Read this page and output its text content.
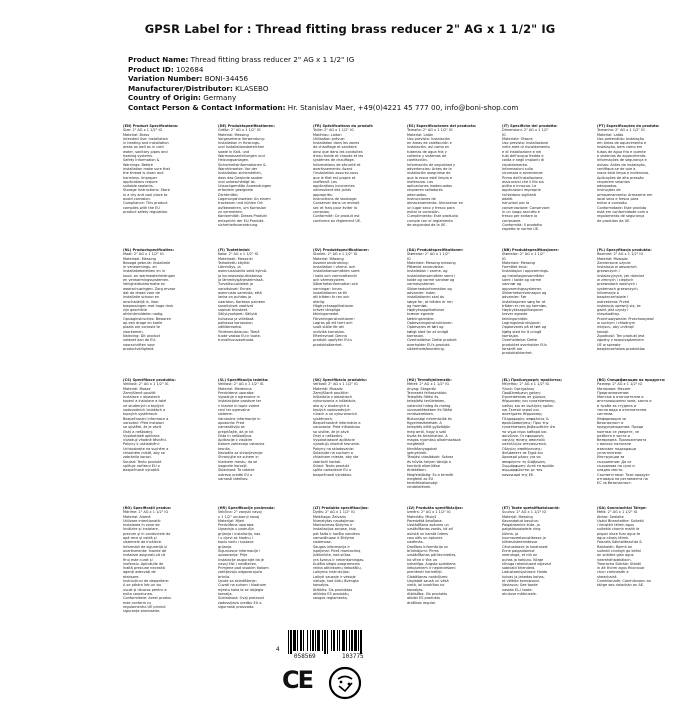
GPSR Label for : Thread fitting brass reducer 2" AG x 1 1/2" IG
Product Name: Thread fitting brass reducer 2" AG x 1 1/2" IG
Product ID: 102684
Variation Number: BONI-34456
Manufacturer/Distributor: KLASEBO
Country of Origin: Germany
Contact Person & Contact Information: Hr. Stanislav Maer, +49(0)4221 45 777 00, info@boni-shop.com
(EN) Product Specifications:
Size: 2" AG x 1 1/2" IG
Material: Brass
Intended Use: Installation
in heating and installation
areas as well as in cold
water, sanitary pipes and
heating systems.
Safety Information &
Warnings: Before
installation make sure that
the thread is clean and
harmless. Improper
applications require
suitable sealants.
Storage Instructions: Store
in a dry and cool place to
avoid corrosion.
Compliance: This product
complies with the EU
product safety regulation.
(DE) Produktspezifikationen:
Größe: 2" AG x 1 1/2" IG
Material: Messing
Vorgesehene Verwendung:
Installation in Heizungs-
und Installationsbereichen
sowie in Kalt- und
Warmwasserleitungen und
Heizungsanlagen.
Sicherheitsinformationen &
Warnhinweise: Vor der
Installation sicherstellen,
dass das Gewinde sauber
und unbeschädigt ist.
Unsachgemäße Anwendungen
erfordern geeignete
Dichtmittel.
Lagerungshinweise: An einem
trockenen und kühlen Ort
aufbewahren, um Korrosion
zu vermeiden.
Konformität: Dieses Produkt
entspricht der EU-Produkt-
sicherheitsverordnung.
(FR) Spécifications du produit:
Taille: 2" AG x 1 1/2" IG
Matériau: Laiton
Utilisation prévue:
Installation dans les zones
de chauffage et sanitaire
ainsi que dans les conduites
d'eau froide et chaude et les
systèmes de chauffage.
Informations de sécurité et
avertissements: Avant
l'installation assurez-vous
que le filet est propre et
inoffensif. Les
applications incorrectes
nécessitent des joints
appropriés.
Instructions de stockage:
Conserver dans un endroit
sec et frais pour éviter la
corrosion.
Conformité: Ce produit est
conforme au règlement UE.
(ES) Especificaciones del producto:
Tamaño: 2" AG x 1 1/2" IG
Material: Latón
Uso previsto: Instalación
en áreas de calefacción e
instalación, así como en
tuberías de agua fría y
caliente y sistemas de
calefacción.
Información de seguridad y
advertencias: Antes de la
instalación asegúrese de
que la rosca esté limpia e
inofensiva. Las
aplicaciones inadecuadas
requieren selladores
adecuados.
Instrucciones de
almacenamiento: Almacenar en
un lugar seco y fresco para
evitar la corrosión.
Cumplimiento: Este producto
cumple con el reglamento
de seguridad de la UE.
(IT) Specifiche del prodotto:
Dimensioni: 2" AG x 1 1/2"
IG
Materiale: Ottone
Uso previsto: Installazione
nelle aree di riscaldamento
e di installazione e nei
tubi dell'acqua fredda e
calda e negli impianti di
riscaldamento.
Informazioni sulla
sicurezza e avvertenze:
Prima dell'installazione,
assicurarsi che il filo sia
pulito e innocuo. Le
applicazioni improprie
richiedono sigillanti
adatti.
Istruzioni per la
conservazione: Conservare
in un luogo asciutto e
fresco per evitare la
corrosione.
Conformità: Il prodotto
rispetta le norme UE.
(PT) Especificações do produto:
Tamanho: 2" AG x 1 1/2" IG
Material: Latão
Uso pretendido: Instalação
em áreas de aquecimento e
instalação, bem como em
tubos de água fria e quente
e sistemas de aquecimento.
Informações de segurança e
avisos: Antes da instalação,
certifique-se de que a
rosca está limpa e inofensiva.
Aplicações de alta pressão
requerem selantes
adequados.
Instruções de
armazenamento: Armazene em
local seco e fresco para
evitar a corrosão.
Conformidade: Este produto
está em conformidade com o
regulamento de segurança
de produtos da UE.
(NL) Productspecificaties:
Maat: 2" AG x 1 1/2" IG
Materiaal: Messing
Beoogd gebruik: Installatie
in verwarmings- en
installatiebereiken en in
koud- en warmwaterleidingen
en verwarmingssystemen.
Veiligheidsinformatie en
waarschuwingen: Zorg ervoor
dat de draad voor de
installatie schoon en
onschadelijk is. Voor
toepassingen met hoge druk
zijn geschikte
afdichtmiddelen nodig.
Opslaginstructies: Bewaren
op een droge en koele
plaats om corrosie te
voorkomen.
Naleving: Dit product
voldoet aan de EU-
voorschriften voor
productveiligheid.
(FI) Tuotetiedot:
Koko: 2" AG x 1 1/2" IG
Materiaali: Messinki
Tarkoitettu käyttö:
Lämmitys- ja
asennusalueilla sekä kylmä-
ja kuumavesiputkistoissa
ja lämmitysjärjestelmissä.
Turvallisuustiedot ja
varoitukset: Ennen
asennusta varmista, että
lanka on puhdas ja
vaaraton. Korkean paineen
sovellukset vaativat
sopivat tiivisteet.
Säilytysohjeet: Säilytä
kuivassa ja viileässä
paikassa korroosion
välttämiseksi.
Yhdenmukaisuus: Tämä
tuote vastaa EU:n tuote-
turvallisuusasetusta.
(SV) Produktspecifikationer:
Storlek: 2" AG x 1 1/2" IG
Material: Mässing
Avsedd användning:
Installation i värme- och
installationsområden samt
i kalla och varmvattenrör
och värmesystem.
Säkerhetsinformation och
varningar: Innan
installationen se till
att tråden är ren och
ofarlig.
Högtrycksapplikationer
kräver lämpliga
tätningsmedel.
Förvaringsinstruktioner:
Lagras på ett torrt och
svalt ställe för att
undvika korrosion.
Efterlevnad: Denna
produkt uppfyller EU:s
produktsäkerhet.
(DA) Produktspecifikationer:
Størrelse: 2" AG x 1 1/2"
IG
Materiale: Messing messing
Påtænkt anvendelse:
Installation i varme- og
installationsområder samt i
kolde og varme vandrør og
varmesystemer.
Sikkerhedsinformation og
advarsler: Inden
installationen skal du
sørge for, at tråden er ren
og harmløs.
Højtryksapplikationer
kræver egnede
tætningsmidler.
Opbevaringsinstruktioner:
Opbevares et tørt og
køligt sted for at undgå
korrosion.
Overholdelse: Dette produkt
overholder EU's produkt-
sikkerhedsforordning.
(NB) Produktspesifikasjoner:
Størrelse: 2" AG x 1 1/2"
IG
Materiale: Messing
Formålet bruk:
Installasjon i oppvarmings-
og installasjonsområder
samt i kalde og varme
vannrør og
oppvarmingssystemer.
Sikkerhetsinformasjon og
advarsler: Før
installasjonen sørg for at
tråden er ren og harmløs.
Høytrykksapplikasjoner
krever egnede
tetningsmidler.
Lagringsinstruksjoner:
Oppbevares på et tørt og
kjølig sted for å unngå
korrosjon.
Overholdelse: Dette
produktet overholder EUs
forskrift om
produktsikkerhet.
(PL) Specyfikacja produktu:
Rozmiar: 2" AG x 1 1/2" IG
Materiał: Mosiądz
Zamierzone użycie:
Instalacja w obszarach
grzewczych i
instalacyjnych, jak również
w zimnych i ciepłych
przewodach wodnych i
systemach grzewczych.
Informacje o
bezpieczeństwie i
ostrzeżenia: Przed
instalacją upewnij się, że
gwint jest czysty i
nieszkodliwy.
Przechowywanie: Przechowywać
w suchym i chłodnym
miejscu, aby uniknąć
korozji.
Zgodność: Ten produkt jest
zgodny z rozporządzeniem
UE w sprawie
bezpieczeństwa produktów.
(CS) Specifikace produktu:
Velikost: 2" AG x 1 1/2" IG
Materiál: Mosaz
Zamýšlené použití:
Instalace v oblastech
topení a instalace a také
ve studených a teplých
vodovodních trubkách a
topných systémech.
Bezpečnostní informace a
varování: Před instalací
se ujistěte, že je závit
čistý a neškodný.
Vysokotlaké aplikace
vyžadují vhodné těsnění.
Pokyny k uskladnění:
Uchovávejte na suchém a
chladném místě, aby se
zabránilo korozi.
Soulad: Tento produkt
splňuje nařízení EU o
bezpečnosti výrobků.
(SL) Specifikacija izdelka:
Velikost: 2" AG x 1 1/2" IG
Material: Medenina
Predvidena uporaba:
Vgradnja v ogrevalne in
instalacijske prostore ter
v hladne in tople vodne
cevi ter ogrevalne
sisteme.
Varnostne informacije in
opozorila: Pred
namestitvijo se
prepričajte, da je nit
čista in neškodljiva.
Aplikacije z visokim
tlakom zahtevajo ustrezna
tesnila.
Navodila za shranjevanje:
Shranjujte na suhem in
hladnem mestu, da se
izognete koroziji.
Skladnost: Ta izdelek
ustreza uredbi EU o
varnosti izdelkov.
(SK) Špecifikácia produktu:
Veľkosť: 2" AG x 1 1/2" IG
Materiál: Mosadz
Zamýšľané použitie:
Inštalácia v oblastiach
vykurovania a inštalácie,
ako aj v studených a
teplých vodovodných
rúrach a vo vykurovacích
systémoch.
Bezpečnostné informácie a
varovania: Pred inštaláciou
sa uistite, že je závit
čistý a neškodný.
Vysokotlakové aplikácie
vyžadujú vhodné tesnenie.
Pokyny na skladovanie:
Skladujte na suchom a
chladnom mieste, aby ste
zabránili korózii.
Súlad: Tento produkt
spĺňa nariadenie EU o
bezpečnosti výrobkov.
(HU) Termékjellemzők:
Méret: 2" AG x 1 1/2" IG
Anyag: Sárgaréz
Tervezett felhasználás:
Telepítés fűtési és
telepítési területeken,
valamint hideg és meleg
vízvezetékekben és fűtési
rendszerekben.
Biztonsági információk és
figyelmeztetések: A
telepítés előtt győződjön
meg arról, hogy a szál
tiszta és ártalmatlan. A
magas nyomású alkalmazások
megfelelő
tömítőanyagokat
igényelnek.
Tárolási utasítások: Száraz
és hűvös helyen tárolja a
korrózió elkerülése
érdekében.
Megfelelőség: Ez a termék
megfelel az EU
termékbiztonsági
rendeletének.
(EL) Προδιαγραφές προϊόντος:
Μέγεθος: 2" AG x 1 1/2" IG
Υλικό: Ορείχαλκος
Προβλεπόμενη χρήση:
Εγκατάσταση σε χώρους
θέρμανσης και εγκατάστασης,
καθώς και σε σωλήνες κρύου
και ζεστού νερού και
συστήματα θέρμανσης.
Πληροφορίες ασφαλείας &
προειδοποιήσεις: Πριν την
εγκατάσταση βεβαιωθείτε ότι
το νήμα είναι καθαρό και
ακίνδυνο. Οι εφαρμογές
υψηλής πίεσης απαιτούν
κατάλληλα στεγανωτικά.
Οδηγίες αποθήκευσης:
Φυλάσσετε σε ξηρό και
δροσερό μέρος για να
αποφύγετε τη διάβρωση.
Συμμόρφωση: Αυτό το προϊόν
συμμορφώνεται με τον
κανονισμό της ΕΕ.
(BG) Спецификации на продукта:
Размер: 2" AG x 1 1/2" IG
Материал: Месинг
Предназначение:
Монтаж в отоплителни и
инсталационни зони, както и
в тръби за студена и
топла вода и отоплителни
системи.
Информация за
безопасност и
предупреждения: Преди
монтаж се уверете, че
резбата е чиста и
безвредна. Приложенията
с високо налягане
изискват подходящи
уплътнители.
Инструкции за
съхранение: Да се
съхранява на сухо и
хладно място.
Съответствие: Този продукт
отговаря на регламента на
ЕС за безопасност.
(RO) Specificații produs:
Mărime: 2" AG x 1 1/2" IG
Material: Alamă
Utilizare intenționată:
Instalarea în zone de
încălzire și instalare,
precum și în conductele de
apă rece și caldă și
sistemele de încălzire.
Informații de siguranță și
avertismente: Înainte de
instalare asigurați-vă că
firul este curat și
inofensiv. Aplicațiile de
înaltă presiune necesită
agenți adecvați de
etanșare.
Instrucțiuni de depozitare:
A se păstra într-un loc
uscat și răcoros pentru a
evita coroziunea.
Conformitate: Acest produs
este conform cu
regulamentul UE privind
siguranța produselor.
(HR) Specifikacije proizvoda:
Veličina: 2" vanjski navoj
x 1 1/2" unutarnji navoj
Materijal: Mjed
Predviđena uporaba:
Ugradnja u područja
grijanja i instalacija, kao
i u cijevi za hladnu i
toplu vodu i sustave
grijanja.
Sigurnosne informacije i
upozorenja: Prije
instalacije osigurajte da je
navoj čist i neoštećen.
Primjene pod visokim tlakom
zahtijevaju odgovarajuća
brtvila.
Upute za skladištenje:
Čuvati na suhom i hladnom
mjestu kako bi se izbjegla
korozija.
Sukladnost: Ovaj proizvod
zadovoljava uredbu EU o
sigurnosti proizvoda.
(LT) Produkto specifikacijos:
Dydis: 2" AG x 1 1/2" IG
Medžiaga: Žalvaris
Numatytas naudojimas:
Montavimas šildymo ir
instaliacijos zonose, taip
pat šalto ir karšto vandens
vamzdžiuose ir šildymo
sistemose.
Saugos informacija ir
įspėjimai: Prieš montavimą
įsitikinkite, kad siūlas
yra švarus ir nekenksmingas.
Aukšto slėgio programoms
reikia atitinkamų riebokšlių.
Laikymo instrukcijos:
Laikyti sausoje ir vėsioje
vietoje, kad būtų išvengta
korozijos.
Atitiktis: Šis produktas
atitinka ES produktų
saugos reglamentą.
(LV) Produkta specifikācijas:
Izmērs: 2" AG x 1 1/2" IG
Materiāls: Misiņš
Paredzētā lietošana:
Uzstādīšana apkures un
uzstādīšanas zonās, kā arī
aukstā un karstā ūdens
caurulēs un apkures
sistēmās.
Drošības informācija un
brīdinājumi: Pirms
uzstādīšanas pārliecinieties,
ka vītne ir tīra un
nekaitīga. Augsta spiediena
lietojumiem ir nepieciešami
piemēroti hermētiķi.
Glabāšanas norādījumi:
Uzglabāt sausā un vēsā
vietā, lai izvairītos no
korozijas.
Atbilstība: Šis produkts
atbilst ES produktu
drošības regulai.
(ET) Toote spetsifikatsioonid:
Suurus: 2" AG x 1 1/2" IG
Materjal: Messing
Kavandatud kasutus:
Paigaldamine küte- ja
paigaldusaladele ning
külma- ja
kuumaveetorustikesse ja
küttesüsteemidesse.
Ohutusteave ja hoiatused:
Enne paigaldamist
veenduge, et niit on
puhas ja kahjutu. Kõrge
rõhuga rakendused vajavad
sobivaid tihendeid.
Ladustamisjuhised: Hoida
kuivas ja jahedas kohas,
et vältida korrosiooni.
Vastavus: See toode
vastab EL-i toote-
ohutuse määrusele.
(GA) Sonraíochtaí Táirge:
Méid: 2" AG x 1 1/2" IG
Ábhar: Sealaite
Úsáid Bheartaithe: Suiteáil
i limistéir téimh agus
suiteála chomh maith le
píopaí uisce fuar agus te
agus córais téimh.
Faisnéis Sábháilteachta &
Rabhaidh: Roimh an
suiteáil cinntigh go bhfuil
an snáithe glan agus
neamhdhíobhálach.
Treoracha Stórála: Stóráil
in áit thirim agus fhionnuar
chun creimeadh a
sheachaint.
Comhlíonadh: Comhlíonann an
táirge seo rialachán an AE.
4
058569	103775
CE
